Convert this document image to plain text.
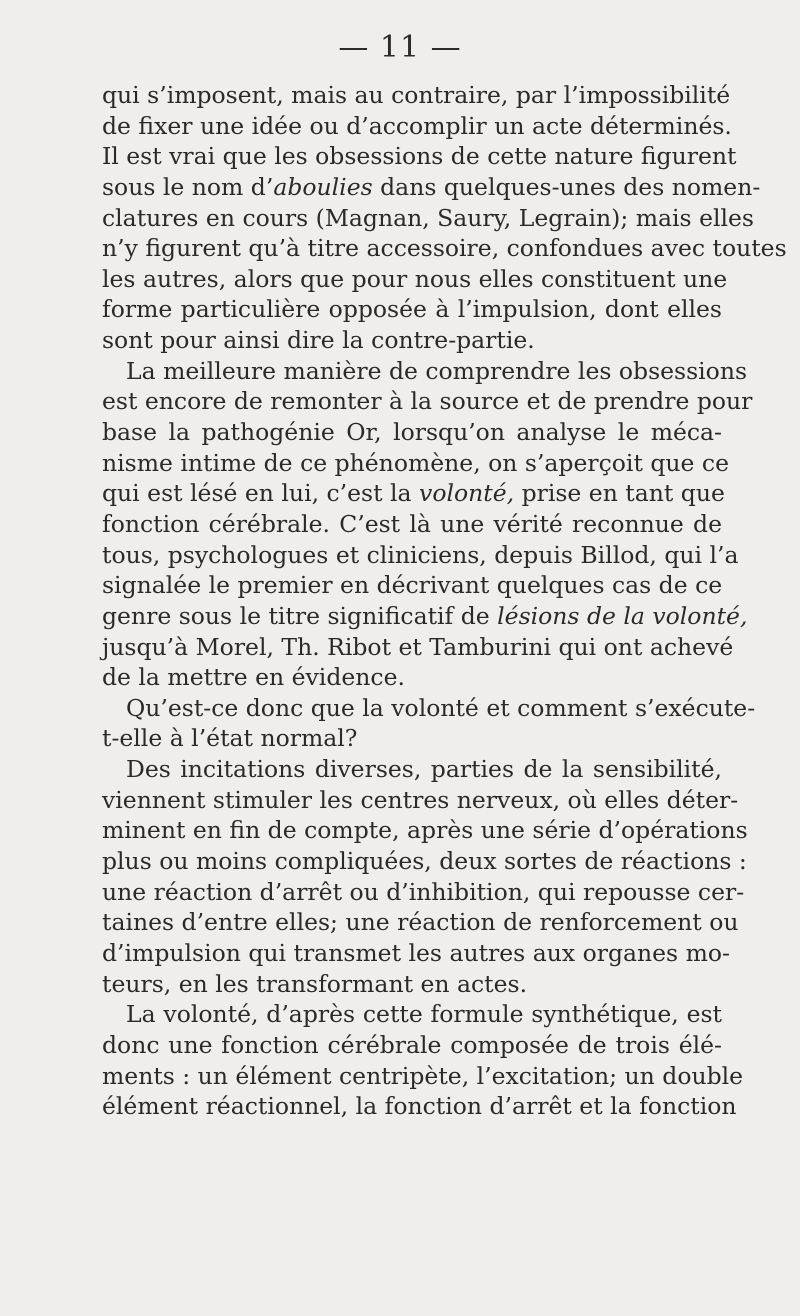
— 11 —
qui s’imposent, mais au contraire, par l’impossibilité
de fixer une idée ou d’accomplir un acte déterminés.
Il est vrai que les obsessions de cette nature figurent
sous le nom d’aboulies dans quelques-unes des nomen-
clatures en cours (Magnan, Saury, Legrain); mais elles
n’y figurent qu’à titre accessoire, confondues avec toutes
les autres, alors que pour nous elles constituent une
forme particulière opposée à l’impulsion, dont elles
sont pour ainsi dire la contre-partie.
La meilleure manière de comprendre les obsessions
est encore de remonter à la source et de prendre pour
base la pathogénie Or, lorsqu’on analyse le méca-
nisme intime de ce phénomène, on s’aperçoit que ce
qui est lésé en lui, c’est la volonté, prise en tant que
fonction cérébrale. C’est là une vérité reconnue de
tous, psychologues et cliniciens, depuis Billod, qui l’a
signalée le premier en décrivant quelques cas de ce
genre sous le titre significatif de lésions de la volonté,
jusqu’à Morel, Th. Ribot et Tamburini qui ont achevé
de la mettre en évidence.
Qu’est-ce donc que la volonté et comment s’exécute-
t-elle à l’état normal?
Des incitations diverses, parties de la sensibilité,
viennent stimuler les centres nerveux, où elles déter-
minent en fin de compte, après une série d’opérations
plus ou moins compliquées, deux sortes de réactions :
une réaction d’arrêt ou d’inhibition, qui repousse cer-
taines d’entre elles; une réaction de renforcement ou
d’impulsion qui transmet les autres aux organes mo-
teurs, en les transformant en actes.
La volonté, d’après cette formule synthétique, est
donc une fonction cérébrale composée de trois élé-
ments : un élément centripète, l’excitation; un double
élément réactionnel, la fonction d’arrêt et la fonction
